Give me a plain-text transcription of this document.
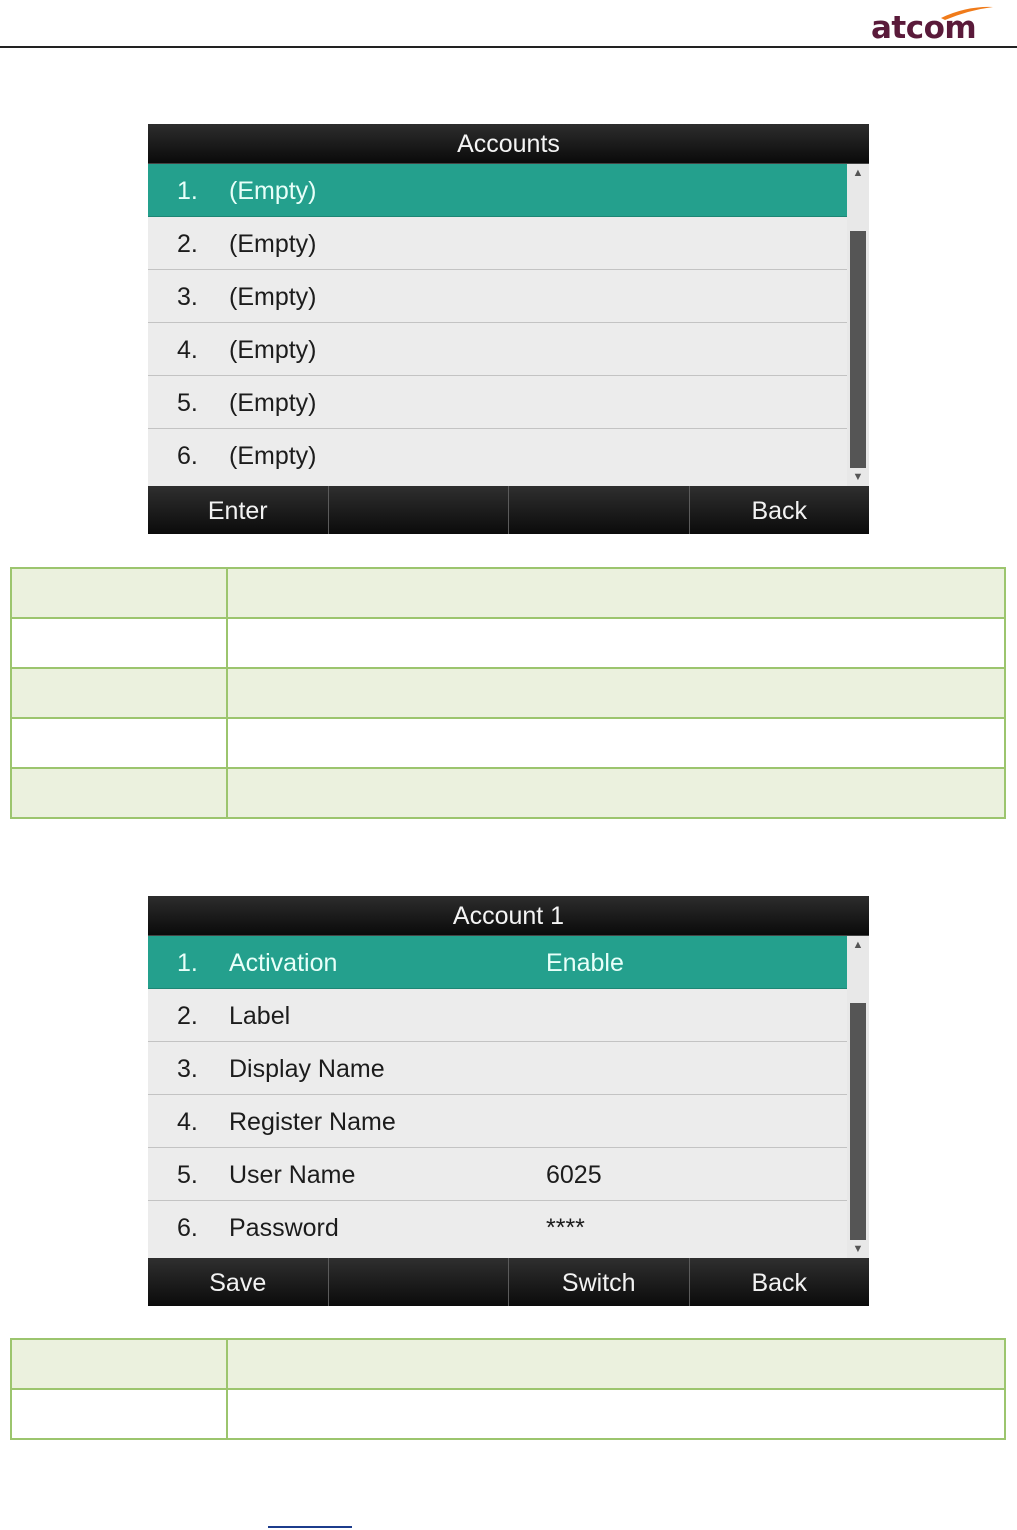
atcom
Accounts
1. (Empty)
2. (Empty)
3. (Empty)
4. (Empty)
5. (Empty)
6. (Empty)
▲
▼
Enter	Back

Account 1
1. Activation	Enable
2. Label
3. Display Name
4. Register Name
5. User Name	6025
6. Password	****
▲
▼
Save	Switch	Back
